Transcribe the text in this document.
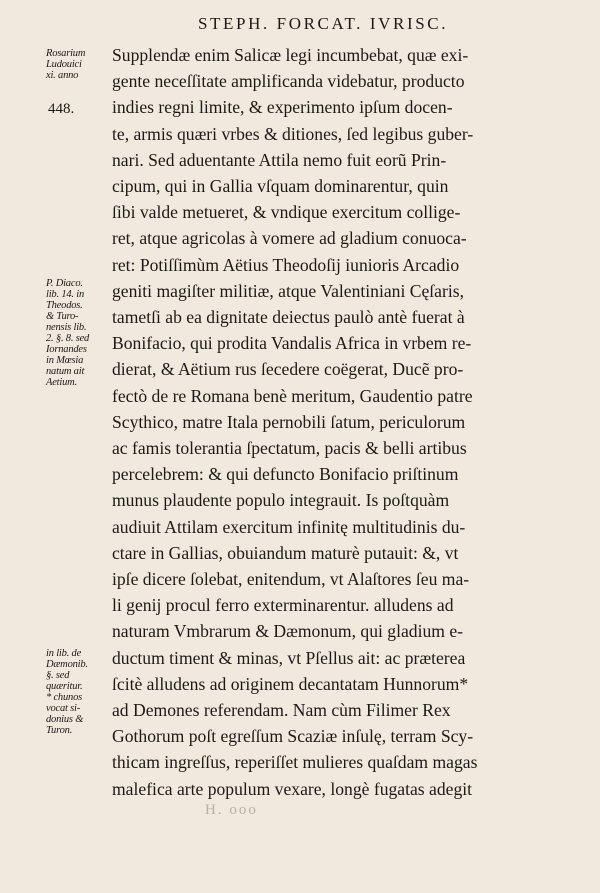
STEPH. FORCAT. IVRISC.
Rosarium
Ludouici
xi. anno
P. Diaco.
lib. 14. in
Theodos.
& Turo-
nensis lib.
2. §. 8. sed
Iornandes
in Mœsia
natum ait
Aetium.
in lib. de
Dæmonib.
§. sed
quæritur.
* chunos
vocat si-
donius &
Turon.
448.
Supplendæ enim Salicæ legi incumbebat, quæ exi-
gente neceſſitate amplificanda videbatur, producto
indies regni limite, & experimento ipſum docen-
te, armis quæri vrbes & ditiones, ſed legibus guber-
nari. Sed aduentante Attila nemo fuit eorũ Prin-
cipum, qui in Gallia vſquam dominarentur, quin
ſibi valde metueret, & vndique exercitum collige-
ret, atque agricolas à vomere ad gladium conuoca-
ret: Potiſſimùm Aëtius Theodoſij iunioris Arcadio
geniti magiſter militiæ, atque Valentiniani Cęſaris,
tametſi ab ea dignitate deiectus paulò antè fuerat à
Bonifacio, qui prodita Vandalis Africa in vrbem re-
dierat, & Aëtium rus ſecedere coëgerat, Ducẽ pro-
fectò de re Romana benè meritum, Gaudentio patre
Scythico, matre Itala pernobili ſatum, periculorum
ac famis tolerantia ſpectatum, pacis & belli artibus
percelebrem: & qui defuncto Bonifacio priſtinum
munus plaudente populo integrauit. Is poſtquàm
audiuit Attilam exercitum infinitę multitudinis du-
ctare in Gallias, obuiandum maturè putauit: &, vt
ipſe dicere ſolebat, enitendum, vt Alaſtores ſeu ma-
li genij procul ferro exterminarentur. alludens ad
naturam Vmbrarum & Dæmonum, qui gladium e-
ductum timent & minas, vt Pſellus ait: ac præterea
ſcitè alludens ad originem decantatam Hunnorum*
ad Demones referendam. Nam cùm Filimer Rex
Gothorum poſt egreſſum Scaziæ inſulę, terram Scy-
thicam ingreſſus, reperiſſet mulieres quaſdam magas
malefica arte populum vexare, longè fugatas adegit
H. ooo
